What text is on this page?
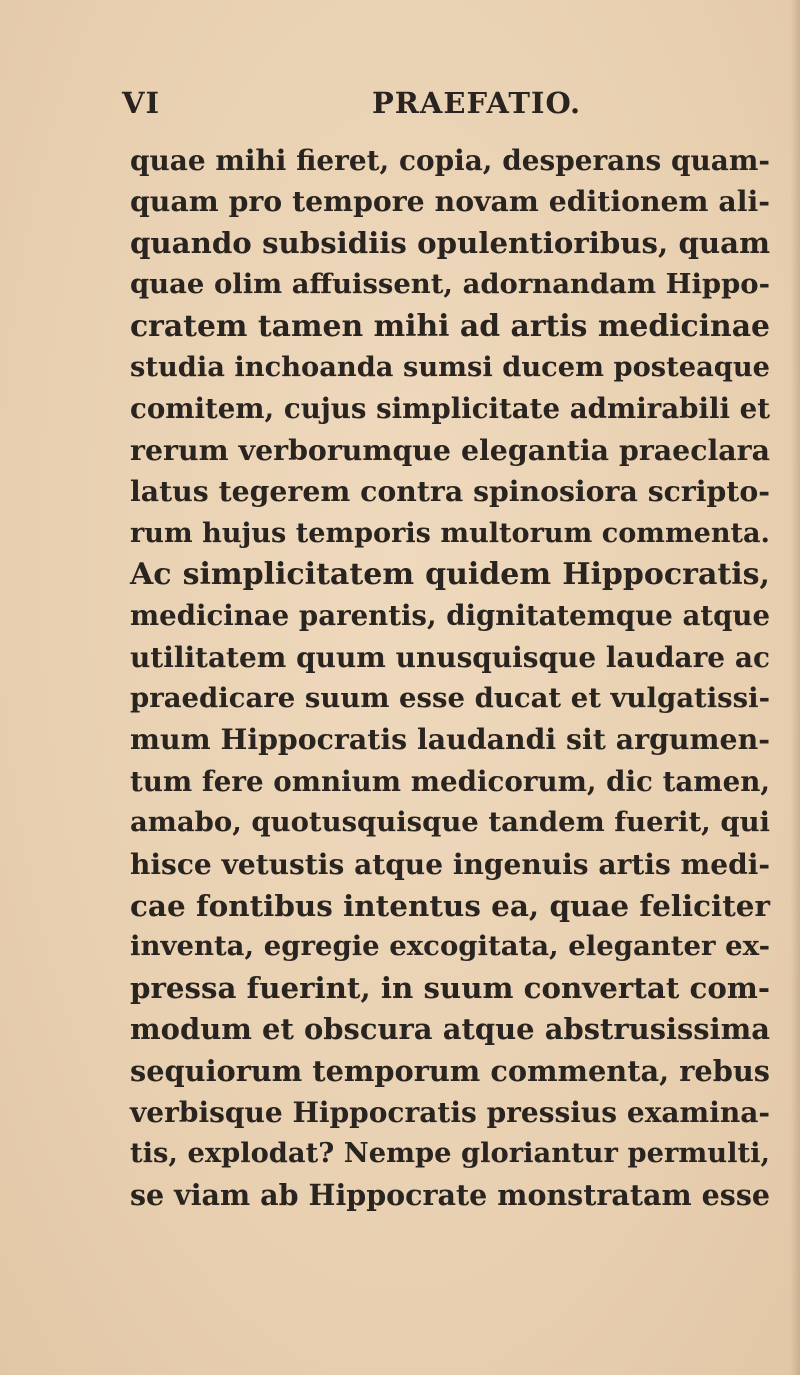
VI	PRAEFATIO.
quae mihi fieret, copia, desperans quam-
quam pro tempore novam editionem ali-
quando subsidiis opulentioribus, quam
quae olim affuissent, adornandam Hippo-
cratem tamen mihi ad artis medicinae
studia inchoanda sumsi ducem posteaque
comitem, cujus simplicitate admirabili et
rerum verborumque elegantia praeclara
latus tegerem contra spinosiora scripto-
rum hujus temporis multorum commenta.
Ac simplicitatem quidem Hippocratis,
medicinae parentis, dignitatemque atque
utilitatem quum unusquisque laudare ac
praedicare suum esse ducat et vulgatissi-
mum Hippocratis laudandi sit argumen-
tum fere omnium medicorum, dic tamen,
amabo, quotusquisque tandem fuerit, qui
hisce vetustis atque ingenuis artis medi-
cae fontibus intentus ea, quae feliciter
inventa, egregie excogitata, eleganter ex-
pressa fuerint, in suum convertat com-
modum et obscura atque abstrusissima
sequiorum temporum commenta, rebus
verbisque Hippocratis pressius examina-
tis, explodat? Nempe gloriantur permulti,
se viam ab Hippocrate monstratam esse
